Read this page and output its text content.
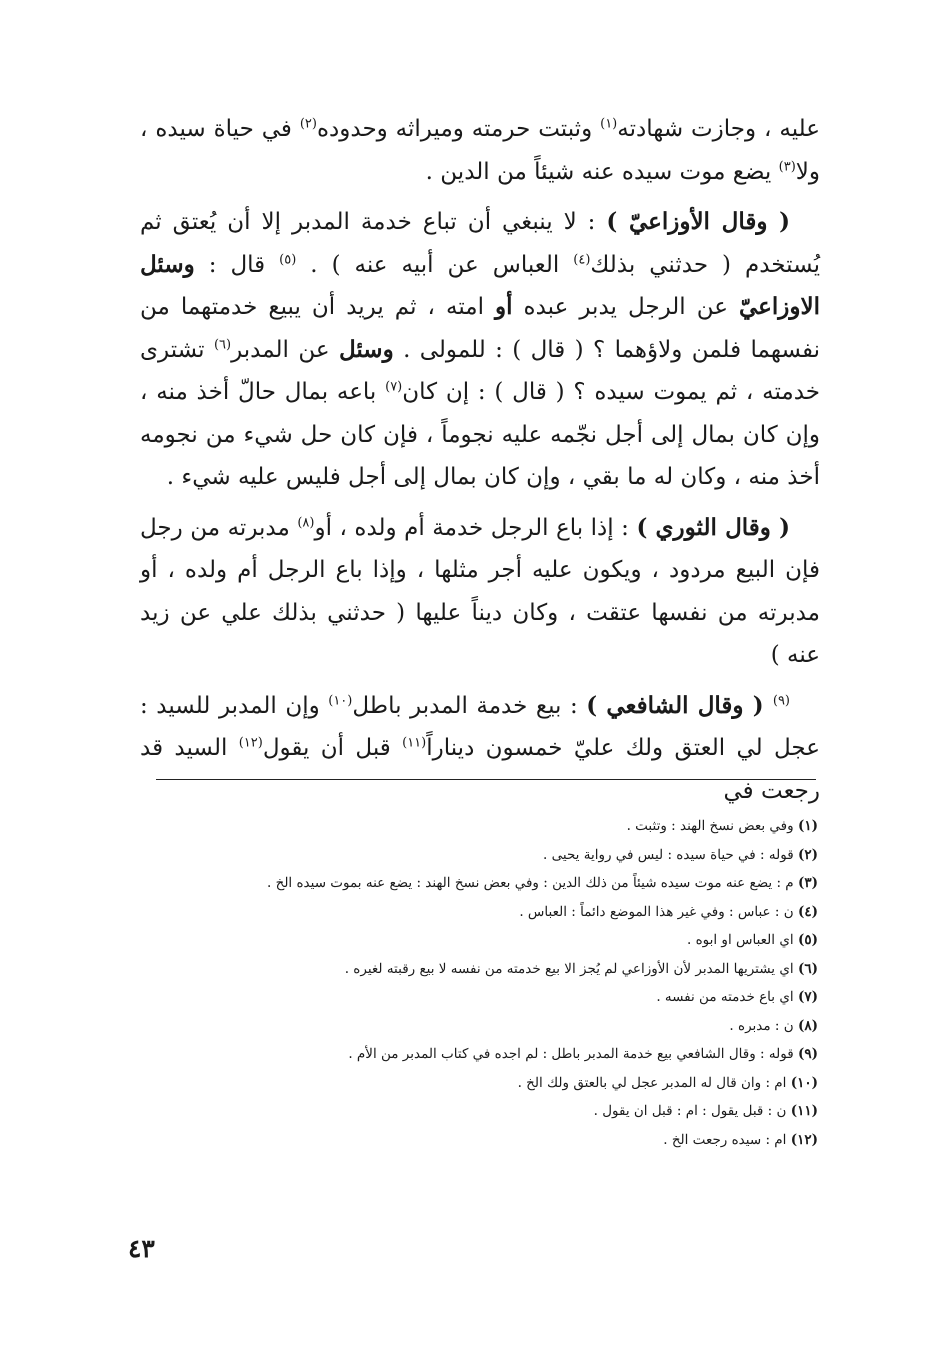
عليه ، وجازت شهادته$^{(١)}$ وثبتت حرمته وميراثه وحدوده$^{(٢)}$ في حياة سيده ، ولا$^{(٣)}$ يضع موت سيده عنه شيئاً من الدين .

( وقال الأوزاعيّ ) : لا ينبغي أن تباع خدمة المدبر إلا أن يُعتق ثم يُستخدم ( حدثني بذلك$^{(٤)}$ العباس عن أبيه عنه ) . $^{(٥)}$ قال : وسئل الاوزاعيّ عن الرجل يدبر عبده أو امته ، ثم يريد أن يبيع خدمتهما من نفسهما فلمن ولاؤهما ؟ ( قال ) : للمولى . وسئل عن المدبر$^{(٦)}$ تشترى خدمته ، ثم يموت سيده ؟ ( قال ) : إن كان$^{(٧)}$ باعه بمال حالّ أخذ منه ، وإن كان بمال إلى أجل نجّمه عليه نجوماً ، فإن كان حل شيء من نجومه أخذ منه ، وكان له ما بقي ، وإن كان بمال إلى أجل فليس عليه شيء .

( وقال الثوري ) : إذا باع الرجل خدمة أم ولده ، أو$^{(٨)}$ مدبرته من رجل فإن البيع مردود ، ويكون عليه أجر مثلها ، وإذا باع الرجل أم ولده ، أو مدبرته من نفسها عتقت ، وكان ديناً عليها ( حدثني بذلك علي عن زيد عنه )

$^{(٩)}$ ( وقال الشافعي ) : بيع خدمة المدبر باطل$^{(١٠)}$ وإن المدبر للسيد : عجل لي العتق ولك عليّ خمسون ديناراً$^{(١١)}$ قبل أن يقول$^{(١٢)}$ السيد قد رجعت في

(١) وفي بعض نسخ الهند : وتثبت .
(٢) قوله : في حياة سيده : ليس في رواية يحيى .
(٣) م : يضع عنه موت سيده شيئاً من ذلك الدين : وفي بعض نسخ الهند : يضع عنه بموت سيده الخ .
(٤) ن : عباس : وفي غير هذا الموضع دائماً : العباس .
(٥) اي العباس او ابوه .
(٦) اي يشتريها المدبر لأن الأوزاعي لم يُجز الا بيع خدمته من نفسه لا بيع رقبته لغيره .
(٧) اي باع خدمته من نفسه .
(٨) ن : مدبره .
(٩) قوله : وقال الشافعي بيع خدمة المدبر باطل : لم اجده في كتاب المدبر من الأم .
(١٠) ام : وان قال له المدبر عجل لي بالعتق ولك الخ .
(١١) ن : قبل يقول : ام : قبل ان يقول .
(١٢) ام : سيده رجعت الخ .
٤٣
